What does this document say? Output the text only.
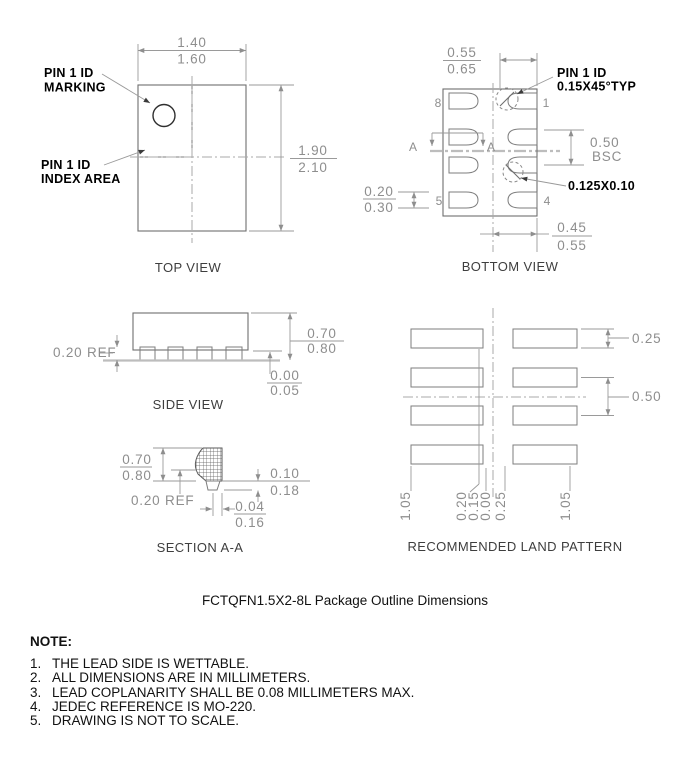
1.40
1.60
1.90
2.10
PIN 1 ID
MARKING
PIN 1 ID
INDEX AREA
TOP VIEW
8	1
5	4
A	A
0.55
0.65	PIN 1 ID
0.15X45°TYP
0.50
BSC
0.125X0.10
0.45
0.55
0.20
0.30
BOTTOM VIEW
0.20 REF
0.70
0.80
0.00
0.05
SIDE VIEW
0.70
0.80
0.20 REF
0.10
0.18
0.04
0.16
SECTION A-A
1.05	0.20
0.15
0.00 0.25	1.05
0.25
0.50
RECOMMENDED LAND PATTERN
FCTQFN1.5X2-8L Package Outline Dimensions
NOTE:
1. THE LEAD SIDE IS WETTABLE.
2. ALL DIMENSIONS ARE IN MILLIMETERS.
3. LEAD COPLANARITY SHALL BE 0.08 MILLIMETERS MAX.
4. JEDEC REFERENCE IS MO-220.
5. DRAWING IS NOT TO SCALE.
